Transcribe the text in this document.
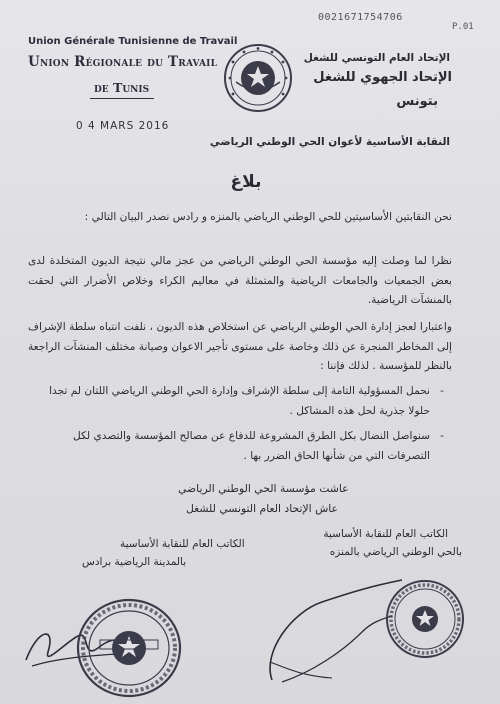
0021671754706
P.01
Union Générale Tunisienne de Travail
Union Régionale du Travail
de Tunis
الإتحاد العام التونسي للشغل
الإتحاد الجهوي للشغل
بتونس
0 4 MARS 2016
النقابة الأساسية لأعوان الحي الوطني الرياضي
بلاغ
نحن النقابتين الأساسيتين للحي الوطني الرياضي بالمنزه و رادس نصدر البيان التالي :
نظرا لما وصلت إليه مؤسسة الحي الوطني الرياضي من عجز مالي نتيجة الديون المتخلدة لدى بعض الجمعيات والجامعات الرياضية والمتمثلة في معاليم الكراء وخلاص الأضرار التي لحقت بالمنشآت الرياضية.
واعتبارا لعجز إدارة الحي الوطني الرياضي عن استخلاص هذه الديون ، نلفت انتباه سلطة الإشراف إلى المخاطر المنجرة عن ذلك وخاصة على مستوى تأجير الاعوان وصيانة مختلف المنشآت الراجعة بالنظر للمؤسسة . لذلك فإننا :
-
نحمل المسؤولية التامة إلى سلطة الإشراف وإدارة الحي الوطني الرياضي اللتان لم تجدا حلولا جذرية لحل هذه المشاكل .
-
سنواصل النضال بكل الطرق المشروعة للدفاع عن مصالح المؤسسة والتصدي لكل التصرفات التي من شأنها الحاق الضرر بها .
عاشت مؤسسة الحي الوطني الرياضي
عاش الإتحاد العام التونسي للشغل
الكاتب العام للنقابة الأساسية
بالحي الوطني الرياضي بالمنزه
الكاتب العام للنقابة الأساسية
بالمدينة الرياضية برادس
